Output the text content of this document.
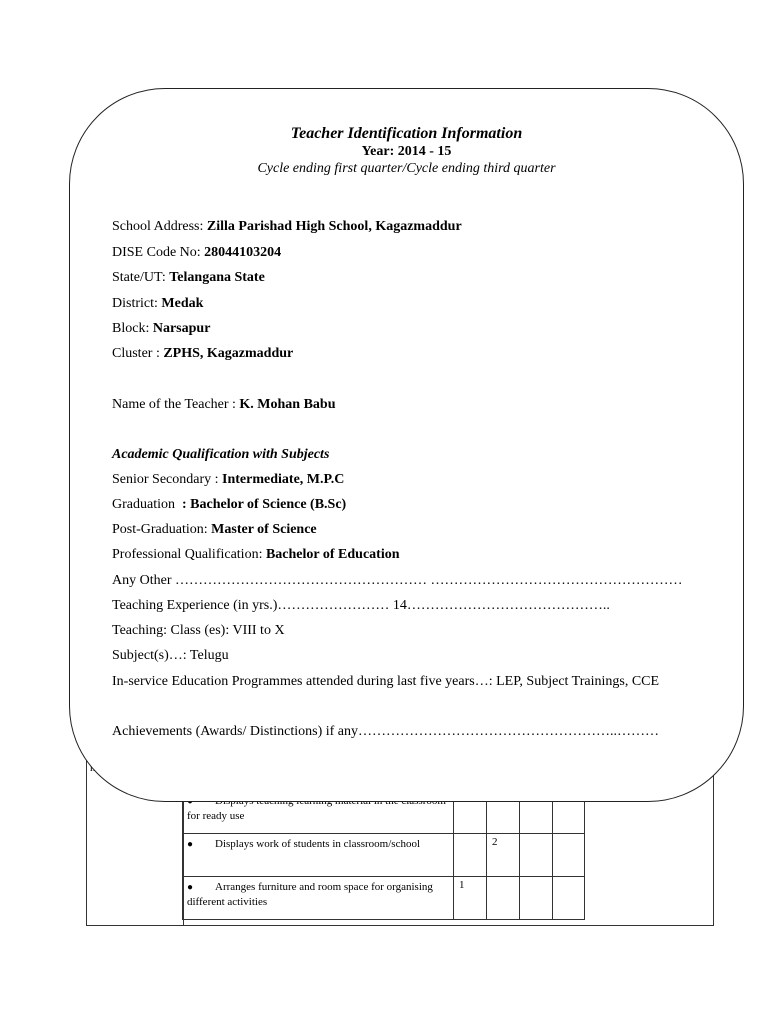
for ready use				
● Displays work of students in classroom/school		2		
● Arranges furniture and room space for organising different activities	1			
Teacher Identification Information
Year: 2014 - 15
Cycle ending first quarter/Cycle ending third quarter
School Address: Zilla Parishad High School, Kagazmaddur
DISE Code No: 28044103204
State/UT: Telangana State
District: Medak
Block: Narsapur
Cluster : ZPHS, Kagazmaddur
Name of the Teacher : K. Mohan Babu
Academic Qualification with Subjects
Senior Secondary : Intermediate, M.P.C
Graduation  : Bachelor of Science (B.Sc)
Post-Graduation: Master of Science
Professional Qualification: Bachelor of Education
Any Other ……………………………………………… ………………………………………………
Teaching Experience (in yrs.)…………………… 14……………………………………..
Teaching: Class (es): VIII to X
Subject(s)…: Telugu
In-service Education Programmes attended during last five years…: LEP, Subject Trainings, CCE
Achievements (Awards/ Distinctions) if any………………………………………………..………
